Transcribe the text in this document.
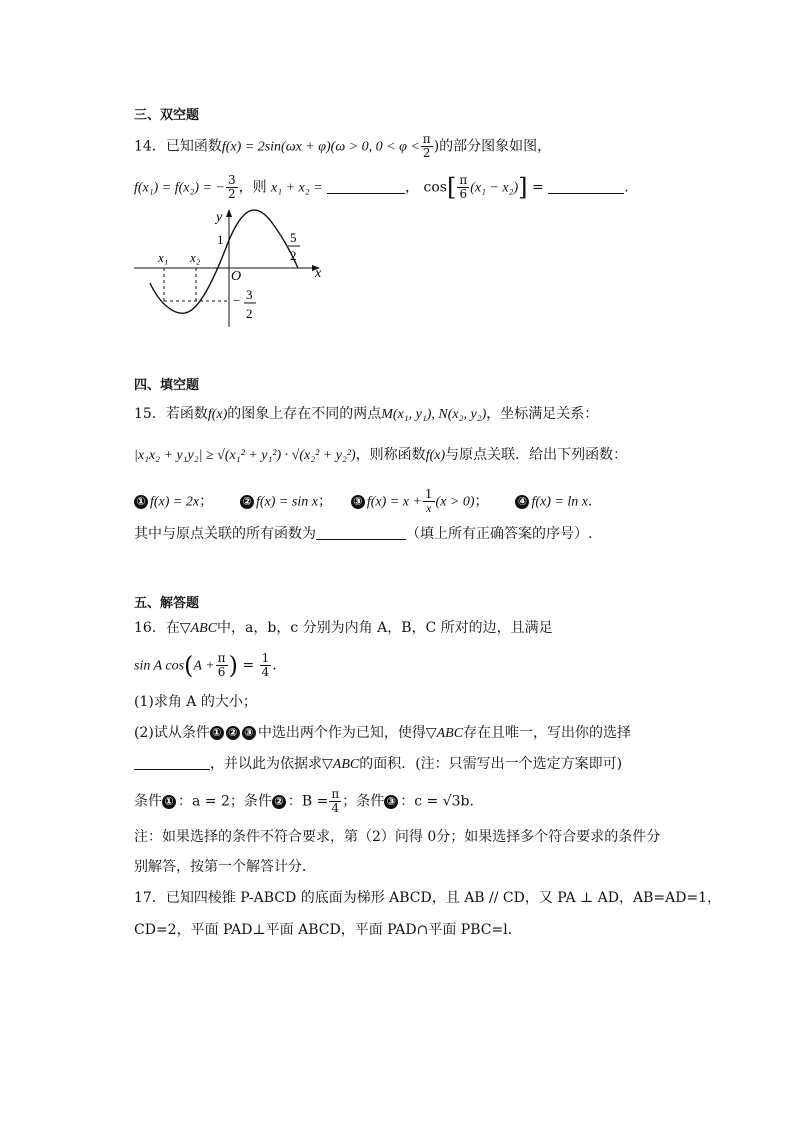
三、双空题
14．已知函数f(x) = 2sin(ωx + φ)(ω > 0, $0 < \varphi < \frac{\pi}{2}$ )的部分图象如图，
f(x₁) = f(x₂) = − $\frac{3}{2}$ ，则 x₁ + x₂ =	， $\cos[ \frac{\pi}{6} (x_1 - x_2)]$ =	.
y
x
O
1
x₁ x₂
5
2
− 3
2
四、填空题
15．若函数f(x)的图象上存在不同的两点M(x₁, y₁), N(x₂, y₂)，坐标满足关系：
|x₁x₂ + y₁y₂| ≥ √(x₁² + y₁²) · √(x₂² + y₂²)，则称函数f(x)与原点关联．给出下列函数：
① f(x) = 2x；  ② f(x) = sin x；  ③ $f(x) = x + \frac{1}{x} (x > 0)$；  ④ f(x) = ln x.
其中与原点关联的所有函数为	（填上所有正确答案的序号）.
五、解答题
16．在▽ABC中，a，b，c 分别为内角 A，B，C 所对的边，且满足
sin A $\cos(A + \frac{\pi}{6}$ ) = $\frac{1}{4}$ .
(1)求角 A 的大小；
(2)试从条件 ① ② ③ 中选出两个作为已知，使得▽ABC存在且唯一，写出你的选择
，并以此为依据求▽ABC的面积．(注：只需写出一个选定方案即可)
条件 ① ：a = 2；条件 ② ：$B = \frac{\pi}{4}$ ；条件 ③ ：c = √3b．
注：如果选择的条件不符合要求，第（2）问得 0分；如果选择多个符合要求的条件分
别解答，按第一个解答计分．
17．已知四棱锥 P-ABCD 的底面为梯形 ABCD，且 AB // CD，又 PA ⊥ AD，AB=AD=1，
CD=2，平面 PAD⊥平面 ABCD，平面 PAD∩平面 PBC=l．
